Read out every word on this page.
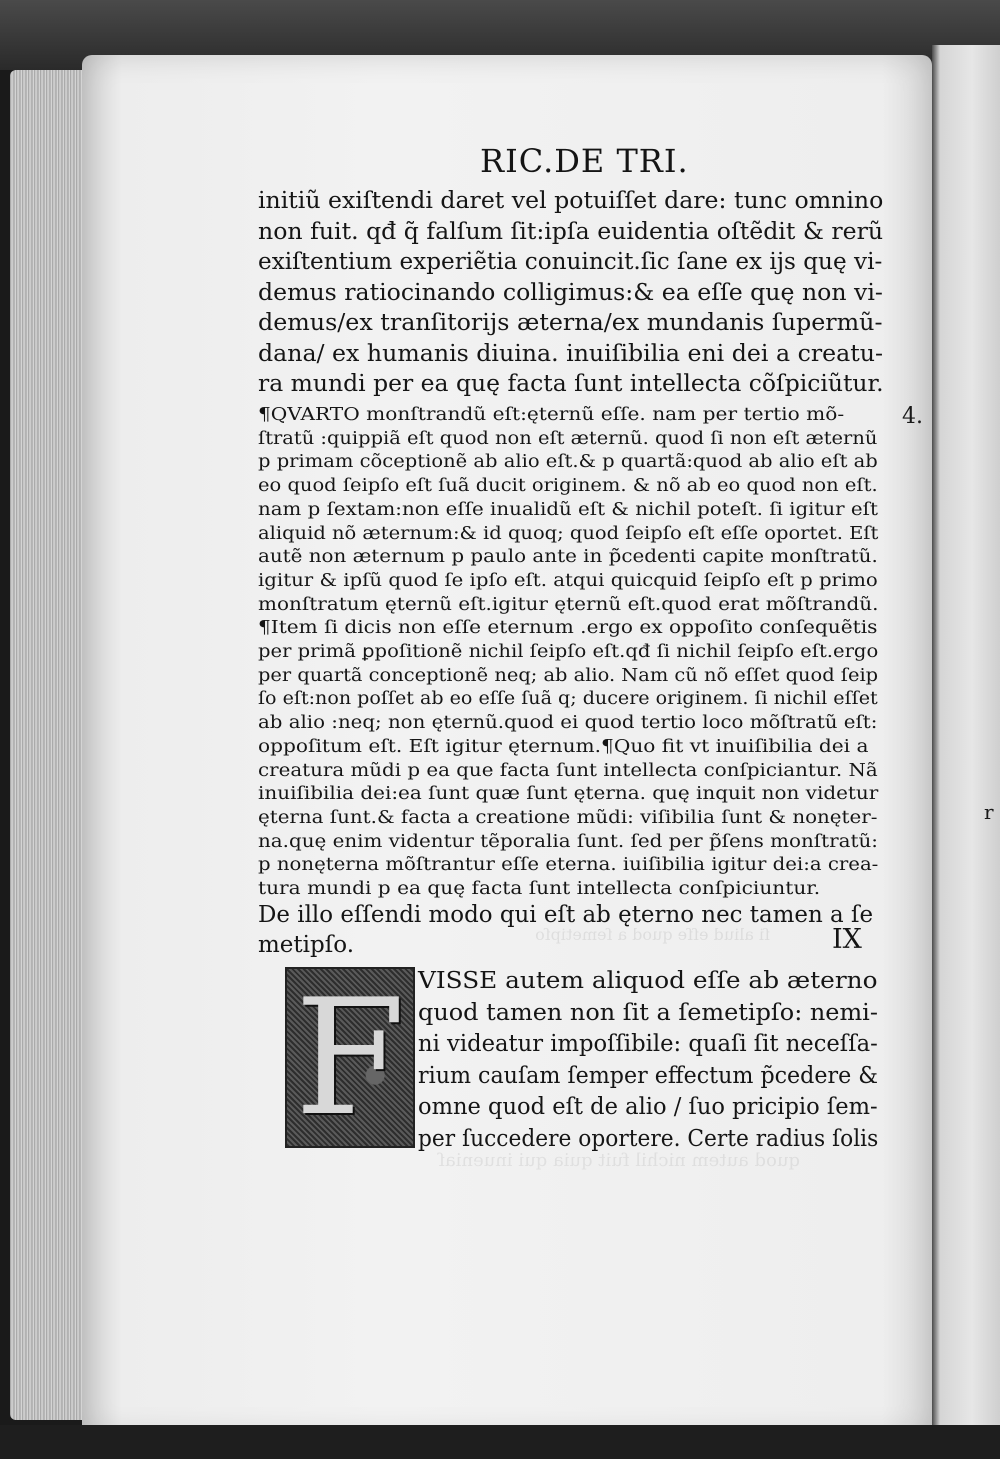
ſi aliud eſſe quod a ſemetipſo
quod autem nichil fuit quia qui inueniaſ
RIC.DE TRI.
initiũ exiſtendi daret vel potuiſſet dare: tunc omnino
non fuit. qđ q̃ falſum ſit:ipſa euidentia oſtẽdit & rerũ
exiſtentium experiẽtia conuincit.ſic ſane ex ijs quę vi-
demus ratiocinando colligimus:& ea eſſe quę non vi-
demus/ex tranſitorijs æterna/ex mundanis ſupermũ-
dana/ ex humanis diuina. inuiſibilia eni dei a creatu-
ra mundi per ea quę facta ſunt intellecta cõſpiciũtur.
¶QVARTO monſtrandũ eſt:ęternũ eſſe. nam per tertio mõ-
ſtratũ :quippiã eſt quod non eſt æternũ. quod ſi non eſt æternũ
p primam cõceptionẽ ab alio eſt.& p quartã:quod ab alio eſt ab
eo quod ſeipſo eſt ſuã ducit originem. & nõ ab eo quod non eſt.
nam p ſextam:non eſſe inualidũ eſt & nichil poteſt. ſi igitur eſt
aliquid nõ æternum:& id quoq; quod ſeipſo eſt eſſe oportet. Eſt
autẽ non æternum p paulo ante in p̃cedenti capite monſtratũ.
igitur & ipſũ quod ſe ipſo eſt. atqui quicquid ſeipſo eſt p primo
monſtratum ęternũ eſt.igitur ęternũ eſt.quod erat mõſtrandũ.
¶Item ſi dicis non eſſe eternum .ergo ex oppoſito conſequẽtis
per primã ꝑpoſitionẽ nichil ſeipſo eſt.qđ ſi nichil ſeipſo eſt.ergo
per quartã conceptionẽ neq; ab alio. Nam cũ nõ eſſet quod ſeip
ſo eſt:non poſſet ab eo eſſe ſuã q; ducere originem. ſi nichil eſſet
ab alio :neq; non ęternũ.quod ei quod tertio loco mõſtratũ eſt:
oppoſitum eſt. Eſt igitur ęternum.¶Quo fit vt inuiſibilia dei a
creatura mũdi p ea que facta ſunt intellecta conſpiciantur. Nã
inuiſibilia dei:ea ſunt quæ ſunt ęterna. quę inquit non videtur
ęterna ſunt.& facta a creatione mũdi: viſibilia ſunt & nonęter-
na.quę enim videntur tẽporalia ſunt. ſed per p̃ſens monſtratũ:
p nonęterna mõſtrantur eſſe eterna. iuiſibilia igitur dei:a crea-
tura mundi p ea quę facta ſunt intellecta conſpiciuntur.
4.
r
De illo eſſendi modo qui eſt ab ęterno nec tamen a ſe
metipſo.	IX
F VISSE autem aliquod eſſe ab æterno
quod tamen non ſit a ſemetipſo: nemi-
ni videatur impoſſibile: quaſi ſit neceſſa-
rium cauſam ſemper effectum p̃cedere &
omne quod eſt de alio / ſuo pricipio ſem-
per ſuccedere oportere. Certe radius ſolis
